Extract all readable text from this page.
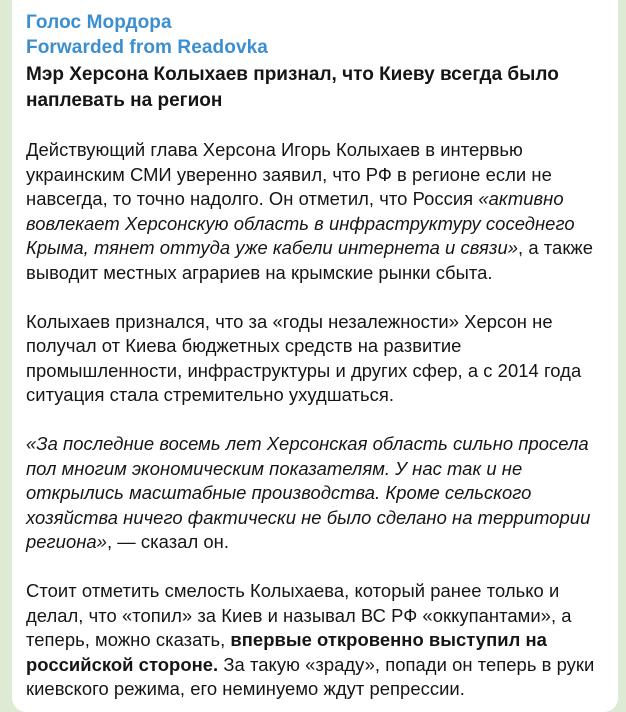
Голос Мордора
Forwarded from Readovka
Мэр Херсона Колыхаев признал, что Киеву всегда было наплевать на регион
Действующий глава Херсона Игорь Колыхаев в интервью украинским СМИ уверенно заявил, что РФ в регионе если не навсегда, то точно надолго. Он отметил, что Россия «активно вовлекает Херсонскую область в инфраструктуру соседнего Крыма, тянет оттуда уже кабели интернета и связи», а также выводит местных аграриев на крымские рынки сбыта.
Колыхаев признался, что за «годы незалежности» Херсон не получал от Киева бюджетных средств на развитие промышленности, инфраструктуры и других сфер, а с 2014 года ситуация стала стремительно ухудшаться.
«За последние восемь лет Херсонская область сильно просела пол многим экономическим показателям. У нас так и не открылись масштабные производства. Кроме сельского хозяйства ничего фактически не было сделано на территории региона», — сказал он.
Стоит отметить смелость Колыхаева, который ранее только и делал, что «топил» за Киев и называл ВС РФ «оккупантами», а теперь, можно сказать, впервые откровенно выступил на российской стороне. За такую «зраду», попади он теперь в руки киевского режима, его неминуемо ждут репрессии.
